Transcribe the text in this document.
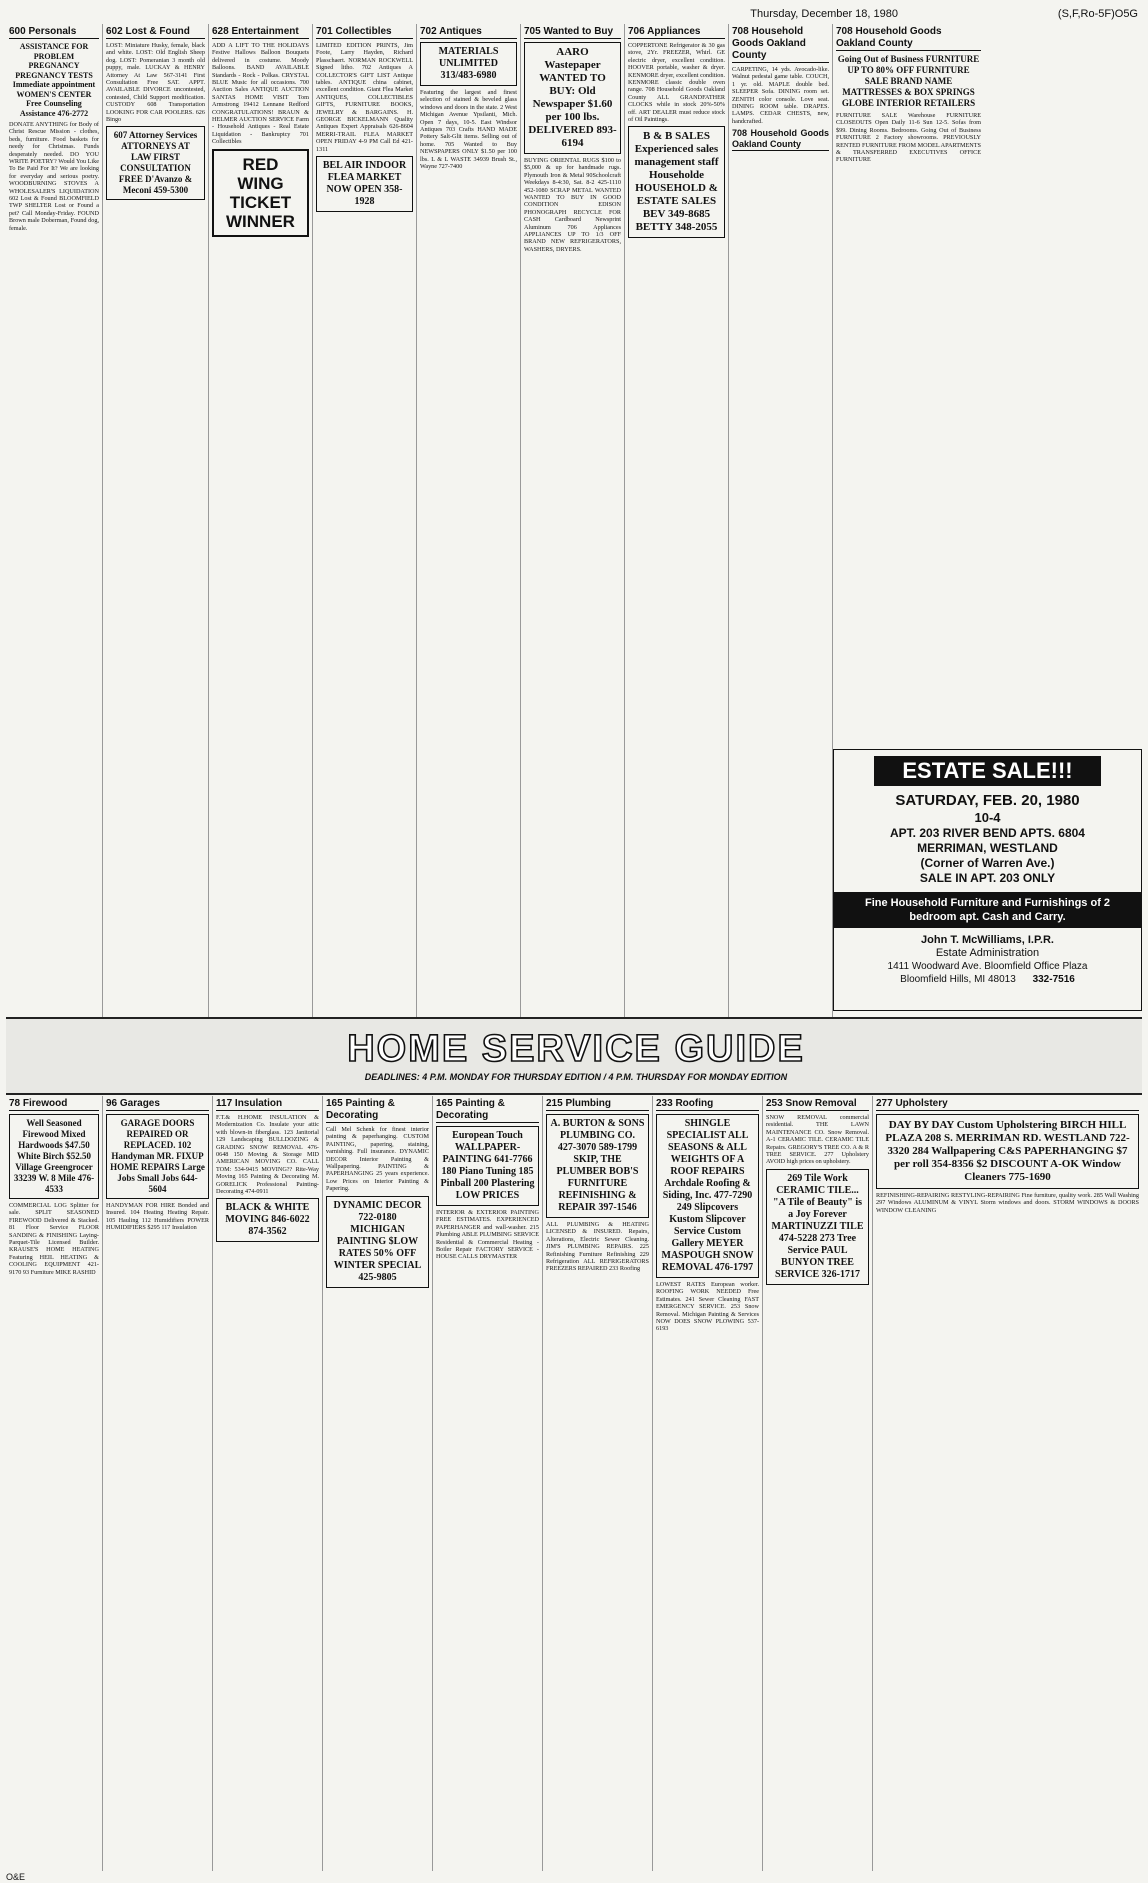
Thursday, December 18, 1980	(S,F,Ro-5F)O5G
600 Personals
ASSISTANCE FOR PROBLEM PREGNANCY PREGNANCY TESTS Immediate appointment WOMEN'S CENTER Free Counseling Assistance 476-2772
DONATE ANYTHING for Body of Christ Rescue Mission - clothes, beds, furniture. Food baskets for needy for Christmas. Funds desperately needed. DO YOU WRITE POETRY? Would You Like To Be Paid For It? We are looking for everyday and serious poetry. WOODBURNING STOVES A WHOLESALER'S LIQUIDATION 602 Lost & Found BLOOMFIELD TWP SHELTER Lost or Found a pet? Call Monday-Friday. FOUND Brown male Doberman, Found dog, female.
602 Lost & Found
LOST: Miniature Husky, female, black and white. LOST: Old English Sheep dog. LOST: Pomeranian 3 month old puppy, male. LUCKAY & HENRY Attorney At Law 567-3141 First Consultation Free SAT. APPT. AVAILABLE DIVORCE uncontested, contested, Child Support modification. CUSTODY 608 Transportation LOOKING FOR CAR POOLERS. 626 Bingo
607 Attorney Services ATTORNEYS AT LAW FIRST CONSULTATION FREE D'Avanzo & Meconi 459-5300
628 Entertainment
ADD A LIFT TO THE HOLIDAYS Festive Hallows Balloon Bouquets delivered in costume. Moody Balloons. BAND AVAILABLE Standards - Rock - Polkas. CRYSTAL BLUE Music for all occasions. 700 Auction Sales ANTIQUE AUCTION SANTAS HOME VISIT Tom Armstrong 19412 Lennane Redford CONGRATULATIONS! BRAUN & HELMER AUCTION SERVICE Farm - Household Antiques - Real Estate Liquidation - Bankruptcy 701 Collectibles
RED WING TICKET WINNER
701 Collectibles
LIMITED EDITION PRINTS, Jim Foote, Larry Hayden, Richard Plasschaert. NORMAN ROCKWELL Signed litho. 702 Antiques A COLLECTOR'S GIFT LIST Antique tables. ANTIQUE china cabinet, excellent condition. Giant Flea Market ANTIQUES, COLLECTIBLES GIFTS, FURNITURE BOOKS, JEWELRY & BARGAINS. H. GEORGE BICKELMANN Quality Antiques Expert Appraisals 626-8604 MERRI-TRAIL FLEA MARKET OPEN FRIDAY 4-9 PM Call Ed 421-1311
BEL AIR INDOOR FLEA MARKET NOW OPEN 358-1928
702 Antiques
MATERIALS UNLIMITED 313/483-6980
Featuring the largest and finest selection of stained & beveled glass windows and doors in the state. 2 West Michigan Avenue Ypsilanti, Mich. Open 7 days, 10-5. East Windsor Antiques 703 Crafts HAND MADE Pottery Salt-Glit items. Selling out of home. 705 Wanted to Buy NEWSPAPERS ONLY $1.50 per 100 lbs. L & L WASTE 34939 Brush St., Wayne 727-7400
705 Wanted to Buy
AARO Wastepaper WANTED TO BUY: Old Newspaper $1.60 per 100 lbs. DELIVERED 893-6194
BUYING ORIENTAL RUGS $100 to $5,000 & up for handmade rugs. Plymouth Iron & Metal 90Schoolcraft Weekdays 8-4:30, Sat. 8-2 425-1110 452-1080 SCRAP METAL WANTED WANTED TO BUY IN GOOD CONDITION EDISON PHONOGRAPH RECYCLE FOR CASH Cardboard Newsprint Aluminum 706 Appliances APPLIANCES UP TO 1/3 OFF BRAND NEW REFRIGERATORS, WASHERS, DRYERS.
706 Appliances
COPPERTONE Refrigerator & 30 gas stove, 2Yr. FREEZER, Whirl. GE electric dryer, excellent condition. HOOVER portable, washer & dryer. KENMORE dryer, excellent condition. KENMORE classic double oven range. 708 Household Goods Oakland County ALL GRANDFATHER CLOCKS while in stock 20%-50% off. ART DEALER must reduce stock of Oil Paintings.
B & B SALES Experienced sales management staff Householde HOUSEHOLD & ESTATE SALES BEV 349-8685 BETTY 348-2055
708 Household Goods Oakland County
CARPETING, 14 yds. Avocado-like. Walnut pedestal game table. COUCH, 1 yr. old. MAPLE double bed. SLEEPER Sofa. DINING room set. ZENITH color console. Love seat. DINING ROOM table. DRAPES. LAMPS. CEDAR CHESTS, new, handcrafted.
708 Household Goods Oakland County
708 Household Goods Oakland County
Going Out of Business FURNITURE UP TO 80% OFF FURNITURE SALE BRAND NAME MATTRESSES & BOX SPRINGS GLOBE INTERIOR RETAILERS
FURNITURE SALE Warehouse FURNITURE CLOSEOUTS Open Daily 11-6 Sun 12-5. Sofas from $99. Dining Rooms. Bedrooms. Going Out of Business FURNITURE 2 Factory showrooms. PREVIOUSLY RENTED FURNITURE FROM MODEL APARTMENTS & TRANSFERRED EXECUTIVES OFFICE FURNITURE
ESTATE SALE!!!
SATURDAY, FEB. 20, 1980
10-4
APT. 203 RIVER BEND APTS. 6804 MERRIMAN, WESTLAND
(Corner of Warren Ave.)
SALE IN APT. 203 ONLY
Fine Household Furniture and Furnishings of 2 bedroom apt. Cash and Carry.
John T. McWilliams, I.P.R.
Estate Administration
1411 Woodward Ave. Bloomfield Office Plaza
Bloomfield Hills, MI 48013 332-7516
HOME SERVICE GUIDE
DEADLINES: 4 P.M. MONDAY FOR THURSDAY EDITION / 4 P.M. THURSDAY FOR MONDAY EDITION
78 Firewood
Well Seasoned Firewood Mixed Hardwoods $47.50 White Birch $52.50 Village Greengrocer 33239 W. 8 Mile 476-4533
COMMERCIAL LOG Splitter for sale. SPLIT SEASONED FIREWOOD Delivered & Stacked. 81 Floor Service FLOOR SANDING & FINISHING Laying-Parquet-Tile Licensed Builder. KRAUSE'S HOME HEATING Featuring HEIL HEATING & COOLING EQUIPMENT 421-9170 93 Furniture MIKE RASHID
96 Garages
GARAGE DOORS REPAIRED OR REPLACED. 102 Handyman MR. FIXUP HOME REPAIRS Large Jobs Small Jobs 644-5604
HANDYMAN FOR HIRE Bonded and Insured. 104 Heating Heating Repair. 105 Hauling 112 Humidifiers POWER HUMIDIFIERS $295 117 Insulation
117 Insulation
F.T.& H.HOME INSULATION & Modernization Co. Insulate your attic with blown-in fiberglass. 123 Janitorial 129 Landscaping BULLDOZING & GRADING SNOW REMOVAL 476-0648 150 Moving & Storage MID AMERICAN MOVING CO. CALL TOM: 534-9415 MOVING?? Rite-Way Moving 165 Painting & Decorating M. GORELICK Professional Painting-Decorating 474-0911
BLACK & WHITE MOVING 846-6022 874-3562
165 Painting & Decorating
Call Mel Schenk for finest interior painting & paperhanging. CUSTOM PAINTING, papering, staining, varnishing. Full insurance. DYNAMIC DECOR Interior Painting & Wallpapering. PAINTING & PAPERHANGING 25 years experience. Low Prices on Interior Painting & Papering.
DYNAMIC DECOR 722-0180 MICHIGAN PAINTING $LOW RATES 50% OFF WINTER SPECIAL 425-9805
165 Painting & Decorating
European Touch WALLPAPER-PAINTING 641-7766 180 Piano Tuning 185 Pinball 200 Plastering LOW PRICES
INTERIOR & EXTERIOR PAINTING FREE ESTIMATES. EXPERIENCED PAPERHANGER and wall-washer. 215 Plumbing ABLE PLUMBING SERVICE Residential & Commercial Heating - Boiler Repair FACTORY SERVICE - HOUSE CALLS DRYMASTER
215 Plumbing
A. BURTON & SONS PLUMBING CO. 427-3070 589-1799 SKIP, THE PLUMBER BOB'S FURNITURE REFINISHING & REPAIR 397-1546
ALL PLUMBING & HEATING LICENSED & INSURED. Repairs, Alterations, Electric Sewer Cleaning. JIM'S PLUMBING REPAIRS. 225 Refinishing Furniture Refinishing 229 Refrigeration ALL REFRIGERATORS FREEZERS REPAIRED 233 Roofing
233 Roofing
SHINGLE SPECIALIST ALL SEASONS & ALL WEIGHTS OF A ROOF REPAIRS Archdale Roofing & Siding, Inc. 477-7290 249 Slipcovers Kustom Slipcover Service Custom Gallery MEYER MASPOUGH SNOW REMOVAL 476-1797
LOWEST RATES European worker. ROOFING WORK NEEDED Free Estimates. 241 Sewer Cleaning FAST EMERGENCY SERVICE. 253 Snow Removal. Michigan Painting & Services NOW DOES SNOW PLOWING 537-6193
253 Snow Removal
SNOW REMOVAL commercial residential. THE LAWN MAINTENANCE CO. Snow Removal. A-1 CERAMIC TILE. CERAMIC TILE Repairs. GREGORY'S TREE CO. A & R TREE SERVICE. 277 Upholstery AVOID high prices on upholstery.
269 Tile Work CERAMIC TILE... "A Tile of Beauty" is a Joy Forever MARTINUZZI TILE 474-5228 273 Tree Service PAUL BUNYON TREE SERVICE 326-1717
277 Upholstery
DAY BY DAY Custom Upholstering BIRCH HILL PLAZA 208 S. MERRIMAN RD. WESTLAND 722-3320 284 Wallpapering C&S PAPERHANGING $7 per roll 354-8356 $2 DISCOUNT A-OK Window Cleaners 775-1690
REFINISHING-REPAIRING RESTYLING-REPAIRING Fine furniture, quality work. 285 Wall Washing 297 Windows ALUMINUM & VINYL Storm windows and doors. STORM WINDOWS & DOORS WINDOW CLEANING
O&E
